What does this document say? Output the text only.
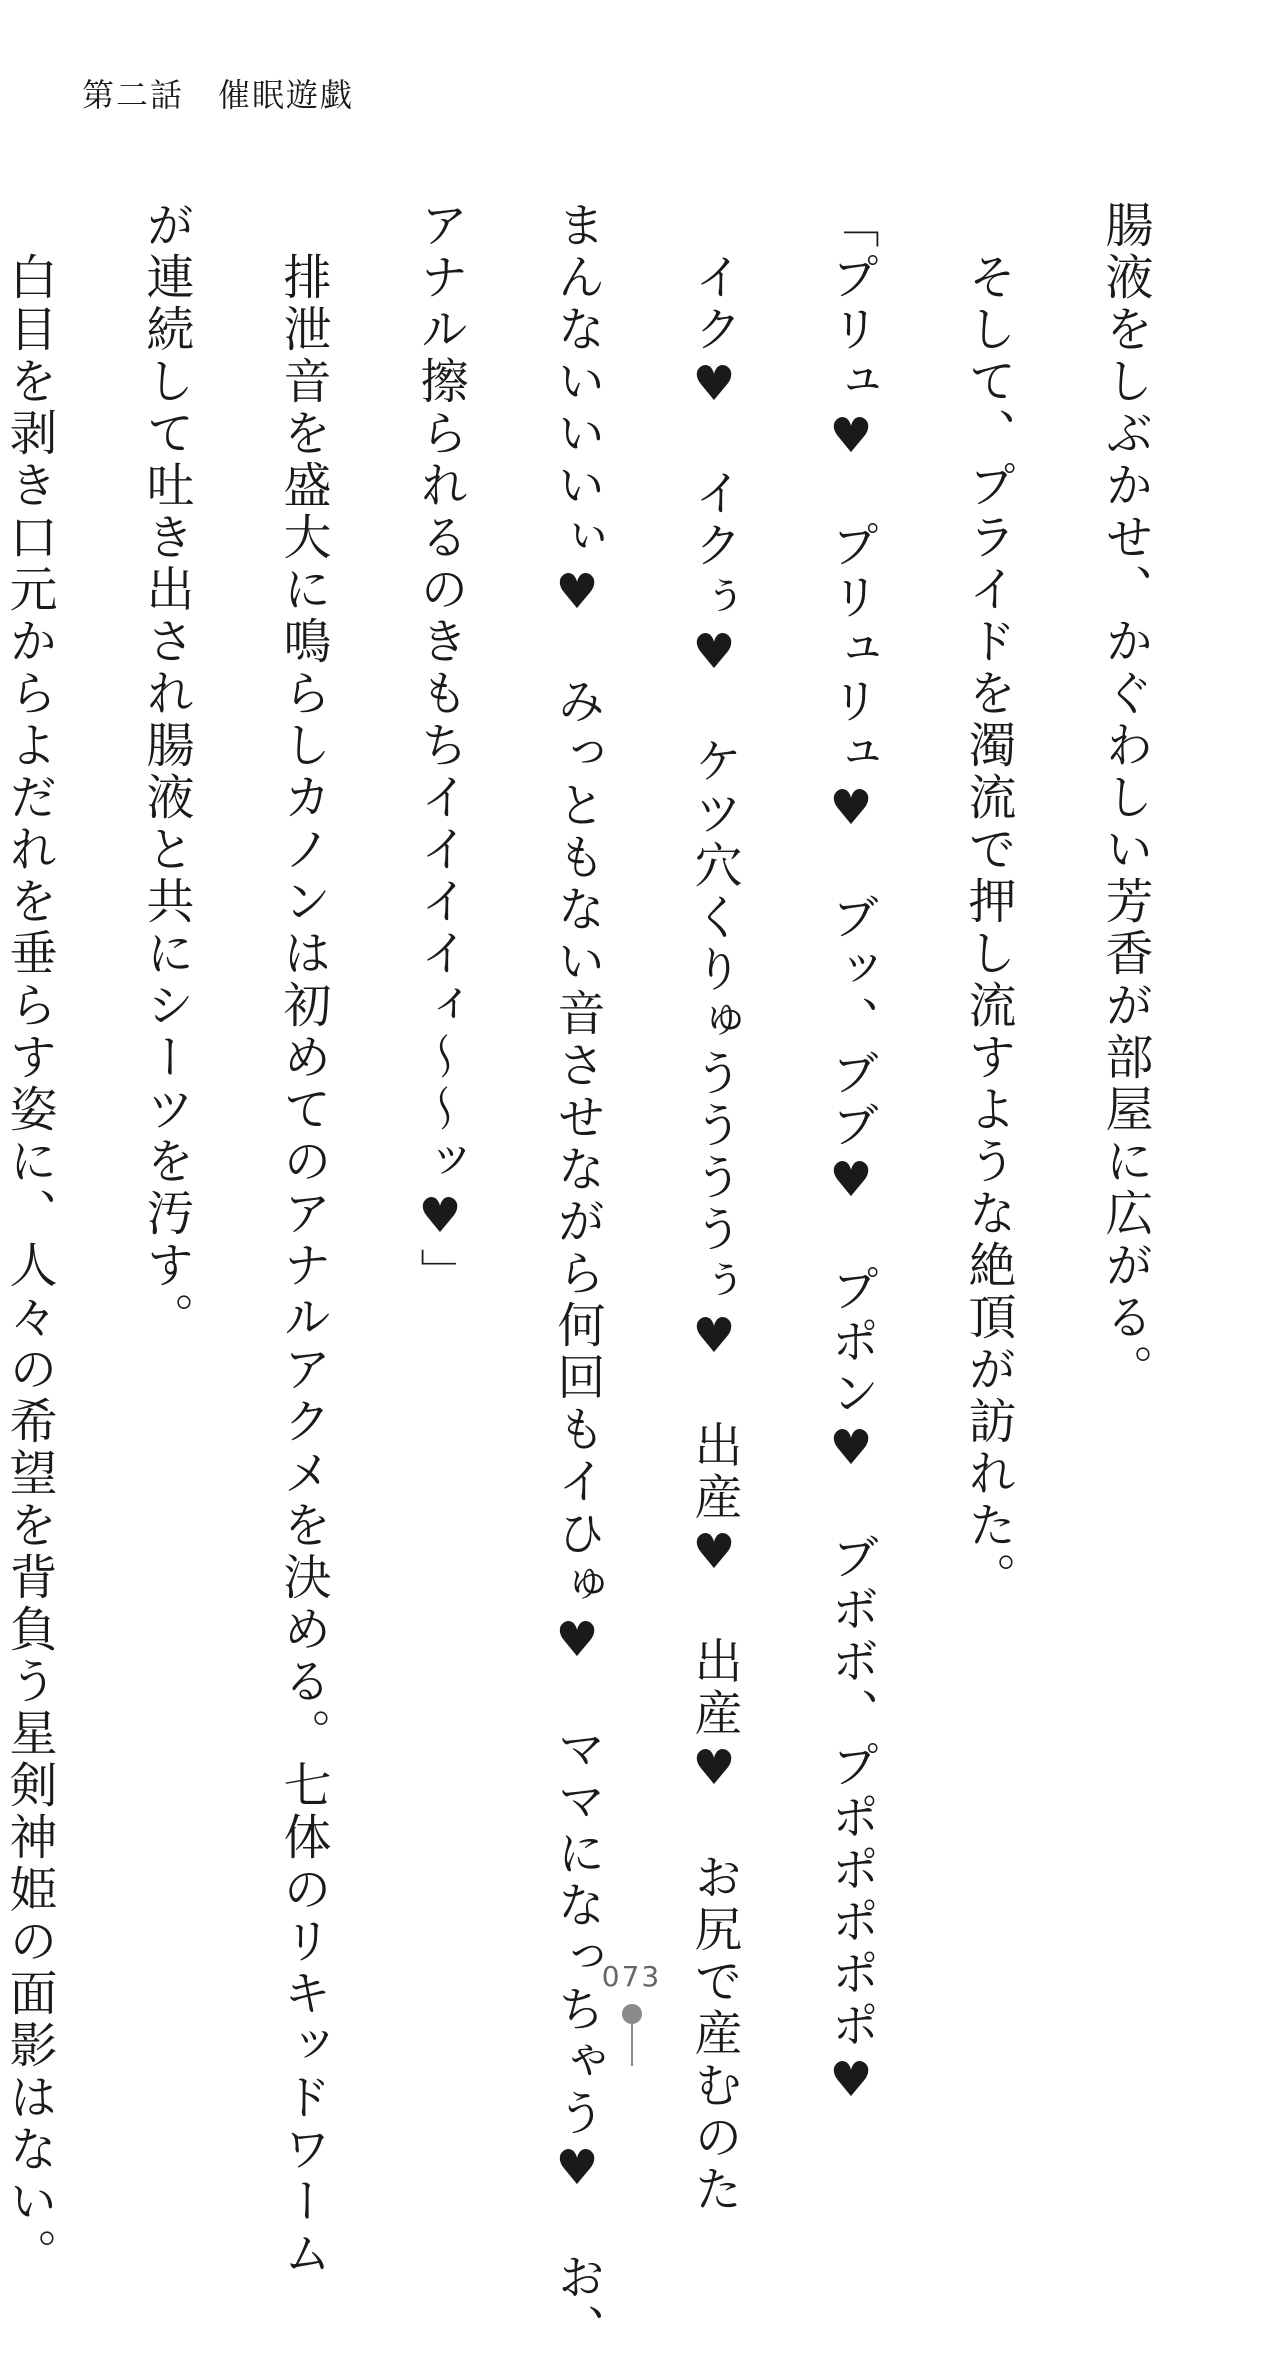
第二話　催眠遊戯

腸液をしぶかせ、かぐわしい芳香が部屋に広がる。

　そして、プライドを濁流で押し流すような絶頂が訪れた。

「プリュ♥　プリュリュ♥　ブッ、ブブ♥　プポン♥　ブボボ、プポポポポポ♥

　イク♥　イクぅ♥　ケツ穴くりゅううううぅ♥　出産♥　出産♥　お尻で産むのた

まんないいいぃ♥　みっともない音させながら何回もイひゅ♥　ママになっちゃう♥　お、

アナル擦られるのきもちイイイイィ～～ッ♥」

　排泄音を盛大に鳴らしカノンは初めてのアナルアクメを決める。七体のリキッドワーム

が連続して吐き出され腸液と共にシーツを汚す。

　白目を剥き口元からよだれを垂らす姿に、人々の希望を背負う星剣神姫の面影はない。	073
